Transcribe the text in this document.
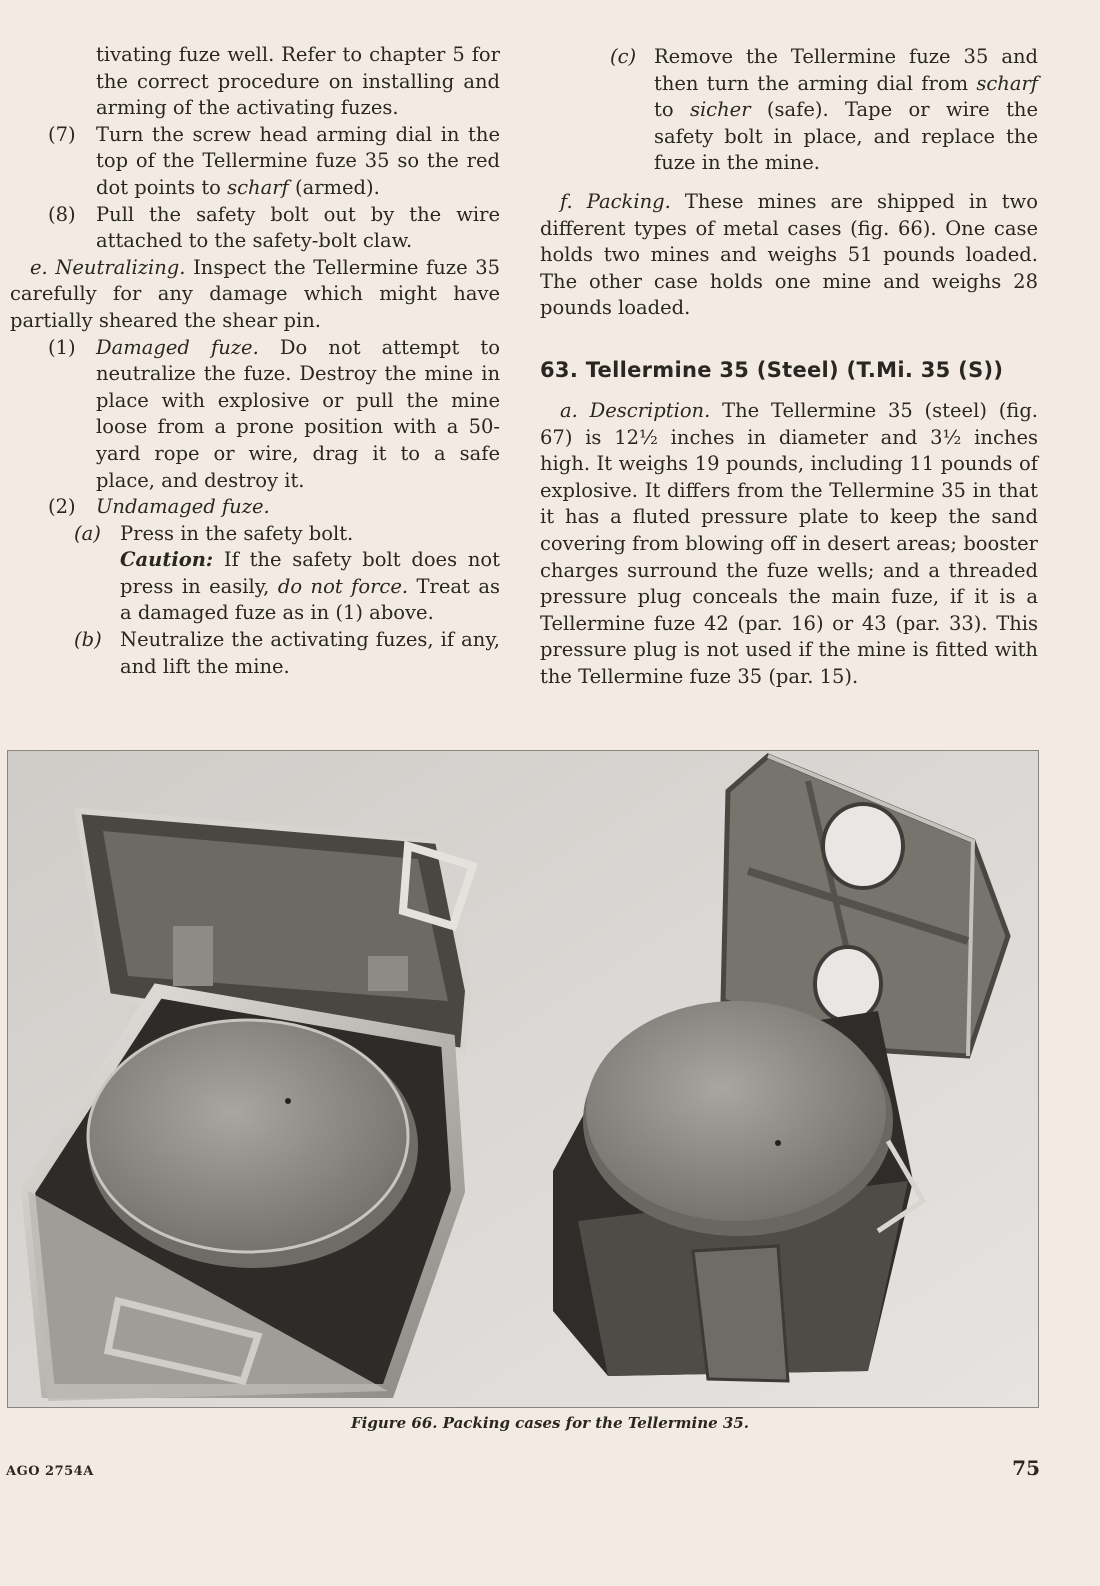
tivating fuze well. Refer to chapter 5 for the correct procedure on installing and arming of the activating fuzes.

(7) Turn the screw head arming dial in the top of the Tellermine fuze 35 so the red dot points to scharf (armed).

(8) Pull the safety bolt out by the wire attached to the safety-bolt claw.

e. Neutralizing. Inspect the Tellermine fuze 35 carefully for any damage which might have partially sheared the shear pin.

(1) Damaged fuze. Do not attempt to neutralize the fuze. Destroy the mine in place with explosive or pull the mine loose from a prone position with a 50-yard rope or wire, drag it to a safe place, and destroy it.

(2) Undamaged fuze.

(a) Press in the safety bolt.

Caution: If the safety bolt does not press in easily, do not force. Treat as a damaged fuze as in (1) above.

(b) Neutralize the activating fuzes, if any, and lift the mine.

(c) Remove the Tellermine fuze 35 and then turn the arming dial from scharf to sicher (safe). Tape or wire the safety bolt in place, and replace the fuze in the mine.

f. Packing. These mines are shipped in two different types of metal cases (fig. 66). One case holds two mines and weighs 51 pounds loaded. The other case holds one mine and weighs 28 pounds loaded.

63. Tellermine 35 (Steel) (T.Mi. 35 (S))

a. Description. The Tellermine 35 (steel) (fig. 67) is 12½ inches in diameter and 3½ inches high. It weighs 19 pounds, including 11 pounds of explosive. It differs from the Tellermine 35 in that it has a fluted pressure plate to keep the sand covering from blowing off in desert areas; booster charges surround the fuze wells; and a threaded pressure plug conceals the main fuze, if it is a Tellermine fuze 42 (par. 16) or 43 (par. 33). This pressure plug is not used if the mine is fitted with the Tellermine fuze 35 (par. 15).

Figure 66. Packing cases for the Tellermine 35.
AGO 2754A	75
